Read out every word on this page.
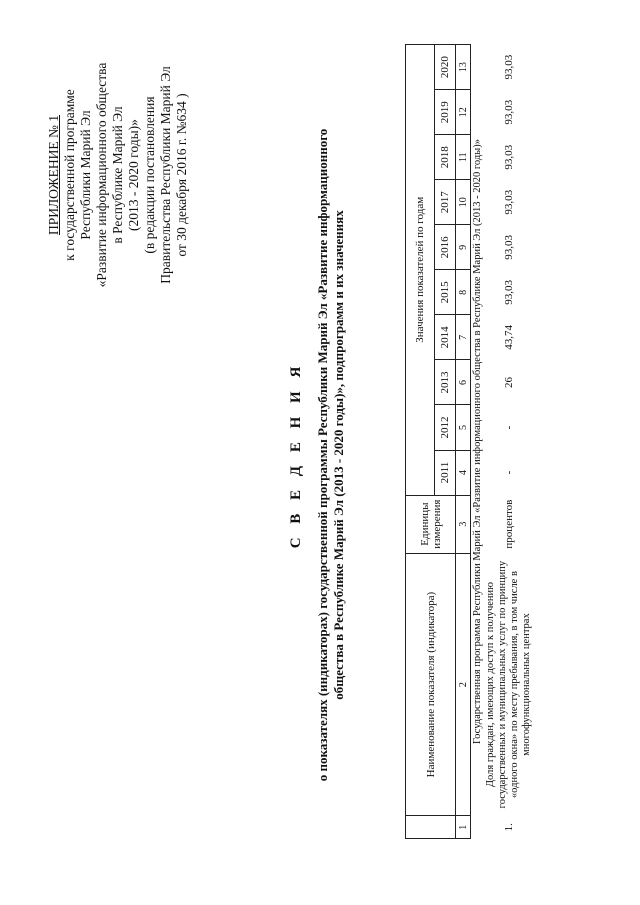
ПРИЛОЖЕНИЕ № 1 к государственной программе Республики Марий Эл «Развитие информационного общества в Республике Марий Эл (2013 - 2020 годы)» (в редакции постановления Правительства Республики Марий Эл от 30 декабря 2016 г. №634 )
С В Е Д Е Н И Я о показателях (индикаторах) государственной программы Республики Марий Эл «Развитие информационного общества в Республике Марий Эл (2013 - 2020 годы)», подпрограмм и их значениях
		Наименование показателя (индикатора)	Единицы измерения	Значения показателей по годам									
			2011	2012	2013	2014	2015	2016	2017	2018	2019	2020
1	2	3	4	5	6	7	8	9	10	11	12	13
Государственная программа Республики Марий Эл «Развитие информационного общества в Республике Марий Эл (2013 - 2020 годы)»												
1.	Доля граждан, имеющих доступ к получению государственных и муниципальных услуг по принципу «одного окна» по месту пребывания, в том числе в многофункциональных центрах	процентов	-	-	26	43,74	93,03	93,03	93,03	93,03	93,03	93,03
